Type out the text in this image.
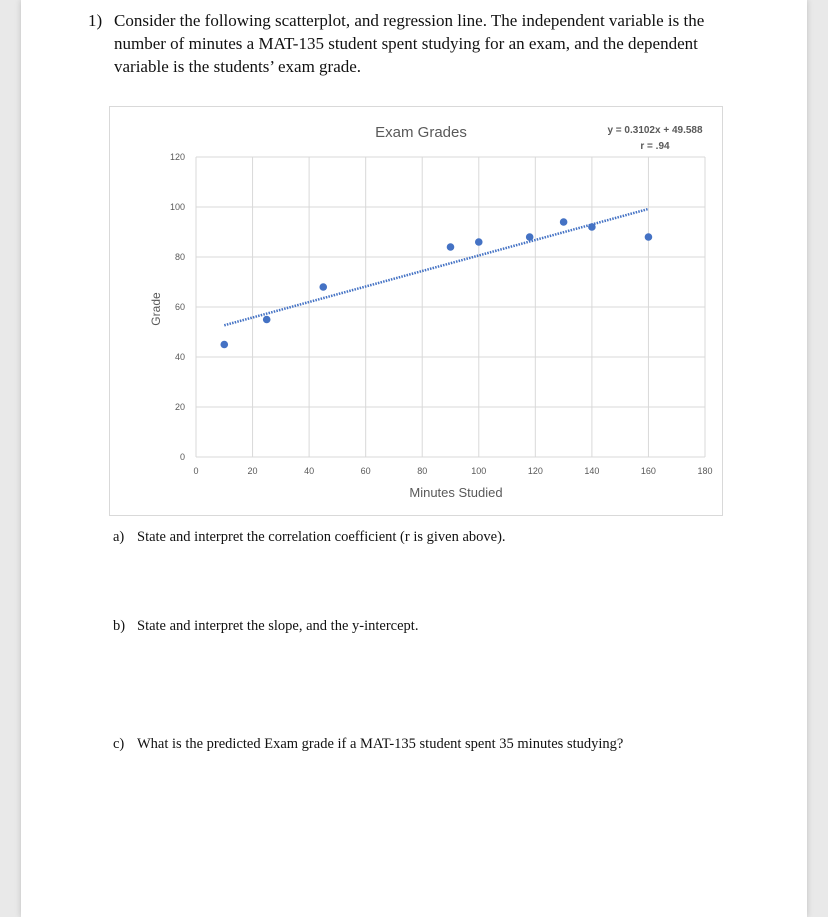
1) Consider the following scatterplot, and regression line. The independent variable is the number of minutes a MAT-135 student spent studying for an exam, and the dependent variable is the students’ exam grade.
0
20
40
60
80
100
120
0	20	40	60	80	100	120	140	160	180
Exam Grades
Minutes Studied
Grade
y = 0.3102x + 49.588
r = .94
a) State and interpret the correlation coefficient (r is given above).
b) State and interpret the slope, and the y-intercept.
c) What is the predicted Exam grade if a MAT-135 student spent 35 minutes studying?
